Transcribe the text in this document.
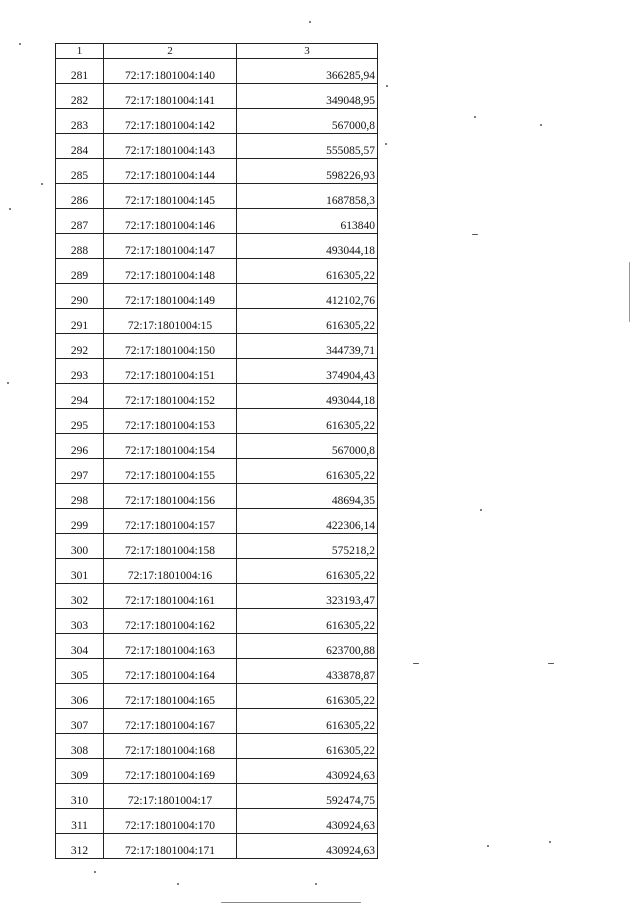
1	2	3
281	72:17:1801004:140	366285,94
282	72:17:1801004:141	349048,95
283	72:17:1801004:142	567000,8
284	72:17:1801004:143	555085,57
285	72:17:1801004:144	598226,93
286	72:17:1801004:145	1687858,3
287	72:17:1801004:146	613840
288	72:17:1801004:147	493044,18
289	72:17:1801004:148	616305,22
290	72:17:1801004:149	412102,76
291	72:17:1801004:15	616305,22
292	72:17:1801004:150	344739,71
293	72:17:1801004:151	374904,43
294	72:17:1801004:152	493044,18
295	72:17:1801004:153	616305,22
296	72:17:1801004:154	567000,8
297	72:17:1801004:155	616305,22
298	72:17:1801004:156	48694,35
299	72:17:1801004:157	422306,14
300	72:17:1801004:158	575218,2
301	72:17:1801004:16	616305,22
302	72:17:1801004:161	323193,47
303	72:17:1801004:162	616305,22
304	72:17:1801004:163	623700,88
305	72:17:1801004:164	433878,87
306	72:17:1801004:165	616305,22
307	72:17:1801004:167	616305,22
308	72:17:1801004:168	616305,22
309	72:17:1801004:169	430924,63
310	72:17:1801004:17	592474,75
311	72:17:1801004:170	430924,63
312	72:17:1801004:171	430924,63
